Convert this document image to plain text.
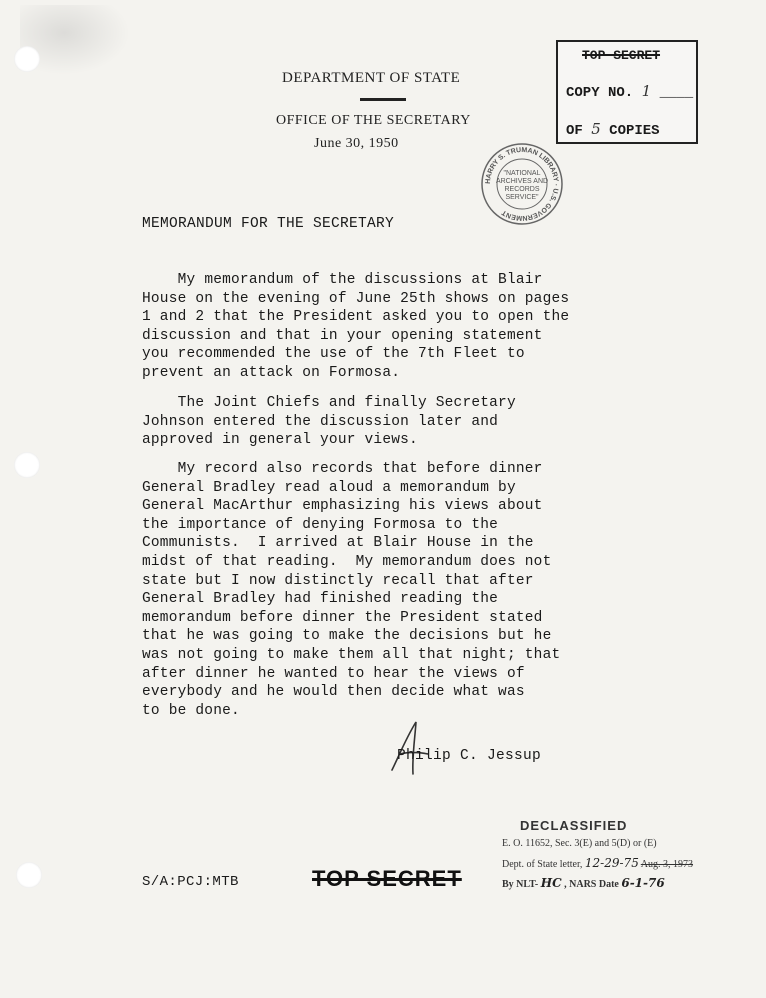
DEPARTMENT OF STATE
OFFICE OF THE SECRETARY
June 30, 1950
TOP SECRET
COPY NO. 1 ____
OF 5 COPIES
HARRY S. TRUMAN LIBRARY · U.S. GOVERNMENT
"NATIONAL
ARCHIVES AND
RECORDS
SERVICE"
MEMORANDUM FOR THE SECRETARY

My memorandum of the discussions at Blair
House on the evening of June 25th shows on pages
1 and 2 that the President asked you to open the
discussion and that in your opening statement
you recommended the use of the 7th Fleet to
prevent an attack on Formosa.

The Joint Chiefs and finally Secretary
Johnson entered the discussion later and
approved in general your views.

My record also records that before dinner
General Bradley read aloud a memorandum by
General MacArthur emphasizing his views about
the importance of denying Formosa to the
Communists.  I arrived at Blair House in the
midst of that reading.  My memorandum does not
state but I now distinctly recall that after
General Bradley had finished reading the
memorandum before dinner the President stated
that he was going to make the decisions but he
was not going to make them all that night; that
after dinner he wanted to hear the views of
everybody and he would then decide what was
to be done.

Philip C. Jessup
S/A:PCJ:MTB	TOP SECRET
DECLASSIFIED
E. O. 11652, Sec. 3(E) and 5(D) or (E)
Dept. of State letter, 12-29-75 Aug. 3, 1973
By NLT- HC , NARS Date 6-1-76
